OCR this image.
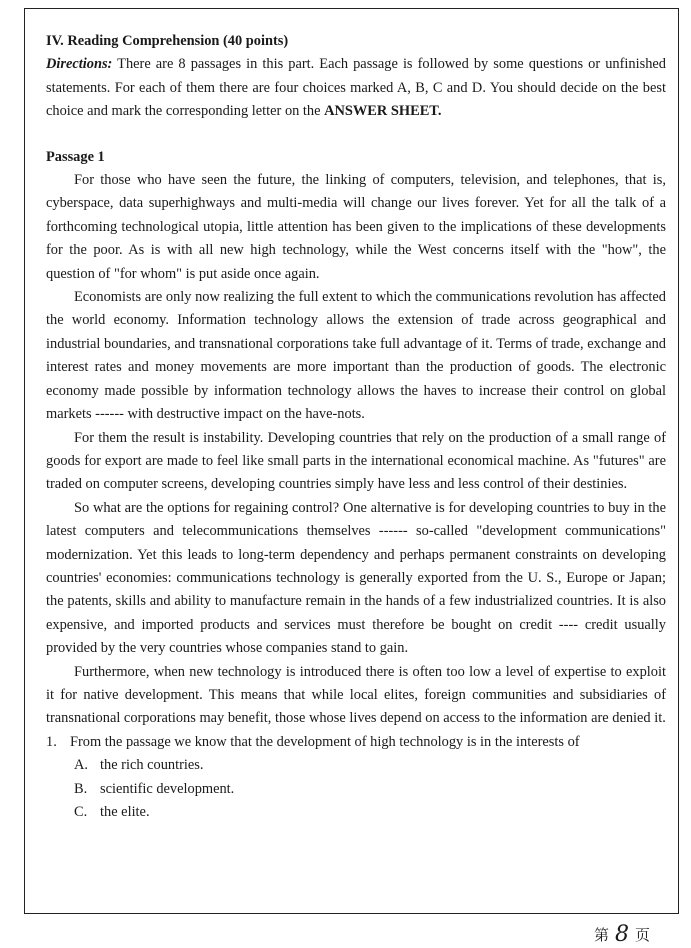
IV. Reading Comprehension (40 points)

Directions: There are 8 passages in this part. Each passage is followed by some questions or unfinished statements. For each of them there are four choices marked A, B, C and D. You should decide on the best choice and mark the corresponding letter on the ANSWER SHEET.

Passage 1

For those who have seen the future, the linking of computers, television, and telephones, that is, cyberspace, data superhighways and multi-media will change our lives forever. Yet for all the talk of a forthcoming technological utopia, little attention has been given to the implications of these developments for the poor. As is with all new high technology, while the West concerns itself with the "how", the question of "for whom" is put aside once again.

Economists are only now realizing the full extent to which the communications revolution has affected the world economy. Information technology allows the extension of trade across geographical and industrial boundaries, and transnational corporations take full advantage of it. Terms of trade, exchange and interest rates and money movements are more important than the production of goods. The electronic economy made possible by information technology allows the haves to increase their control on global markets ------ with destructive impact on the have-nots.

For them the result is instability. Developing countries that rely on the production of a small range of goods for export are made to feel like small parts in the international economical machine. As "futures" are traded on computer screens, developing countries simply have less and less control of their destinies.

So what are the options for regaining control? One alternative is for developing countries to buy in the latest computers and telecommunications themselves ------ so-called "development communications" modernization. Yet this leads to long-term dependency and perhaps permanent constraints on developing countries' economies: communications technology is generally exported from the U. S., Europe or Japan; the patents, skills and ability to manufacture remain in the hands of a few industrialized countries. It is also expensive, and imported products and services must therefore be bought on credit ---- credit usually provided by the very countries whose companies stand to gain.

Furthermore, when new technology is introduced there is often too low a level of expertise to exploit it for native development. This means that while local elites, foreign communities and subsidiaries of transnational corporations may benefit, those whose lives depend on access to the information are denied it.

1. From the passage we know that the development of high technology is in the interests of
A. the rich countries.
B. scientific development.
C. the elite.
第 8 页
